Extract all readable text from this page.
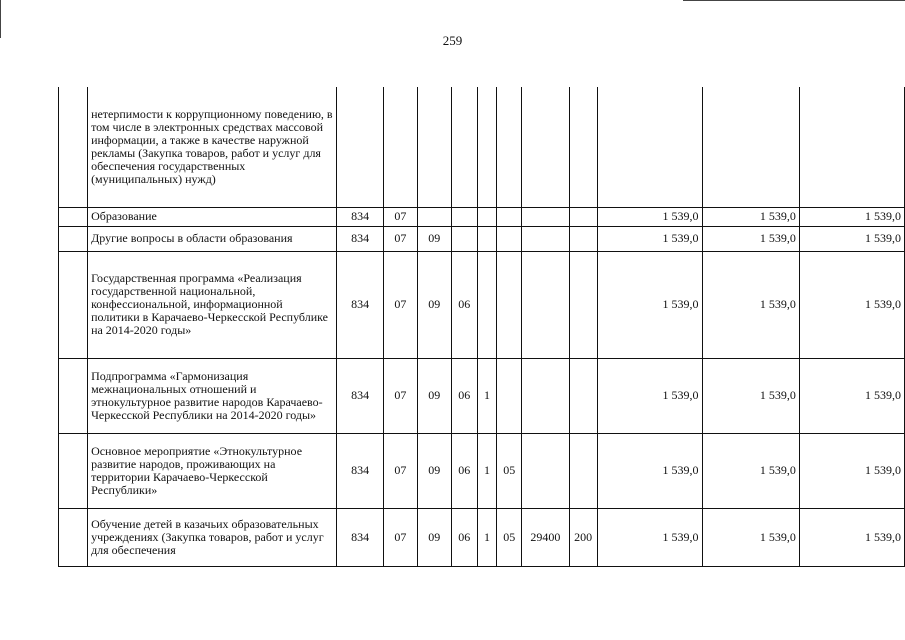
259
	нетерпимости к коррупционному поведению, в том числе в электронных средствах массовой информации, а также в качестве наружной рекламы (Закупка товаров, работ и услуг для обеспечения государственных (муниципальных) нужд)											
	Образование	834	07							1 539,0	1 539,0	1 539,0
	Другие вопросы в области образования	834	07	09						1 539,0	1 539,0	1 539,0
	Государственная программа «Реализация государственной национальной, конфессиональной, информационной политики в Карачаево-Черкесской Республике на 2014-2020 годы»	834	07	09	06					1 539,0	1 539,0	1 539,0
	Подпрограмма «Гармонизация межнациональных отношений и этнокультурное развитие народов Карачаево-Черкесской Республики на 2014-2020 годы»	834	07	09	06	1				1 539,0	1 539,0	1 539,0
	Основное мероприятие «Этнокультурное развитие народов, проживающих на территории Карачаево-Черкесской Республики»	834	07	09	06	1	05			1 539,0	1 539,0	1 539,0
	Обучение детей в казачьих образовательных учреждениях (Закупка товаров, работ и услуг для обеспечения	834	07	09	06	1	05	29400	200	1 539,0	1 539,0	1 539,0
